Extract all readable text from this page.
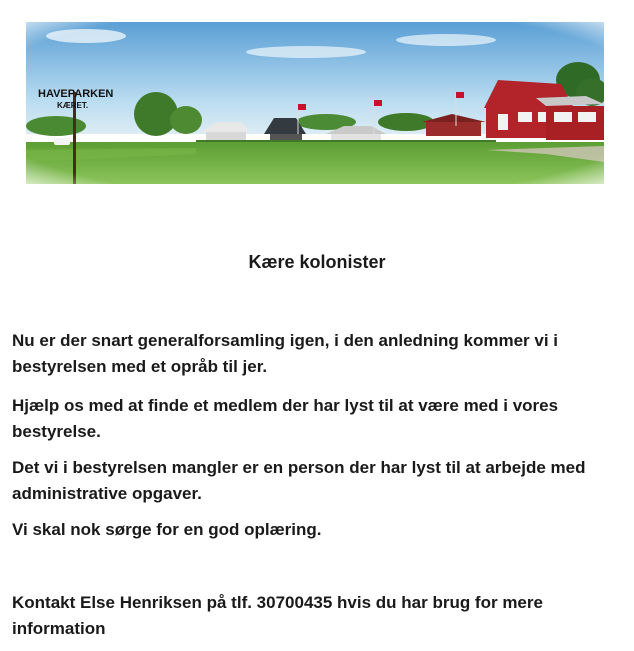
Kære kolonister
Nu er der snart generalforsamling igen, i den anledning kommer vi i
bestyrelsen med et opråb til jer.
Hjælp os med at finde et medlem der har lyst til at være med i vores
bestyrelse.
Det vi i bestyrelsen mangler er en person der har lyst til at arbejde med
administrative opgaver.
Vi skal nok sørge for en god oplæring.
Kontakt Else Henriksen på tlf. 30700435 hvis du har brug for mere
information
